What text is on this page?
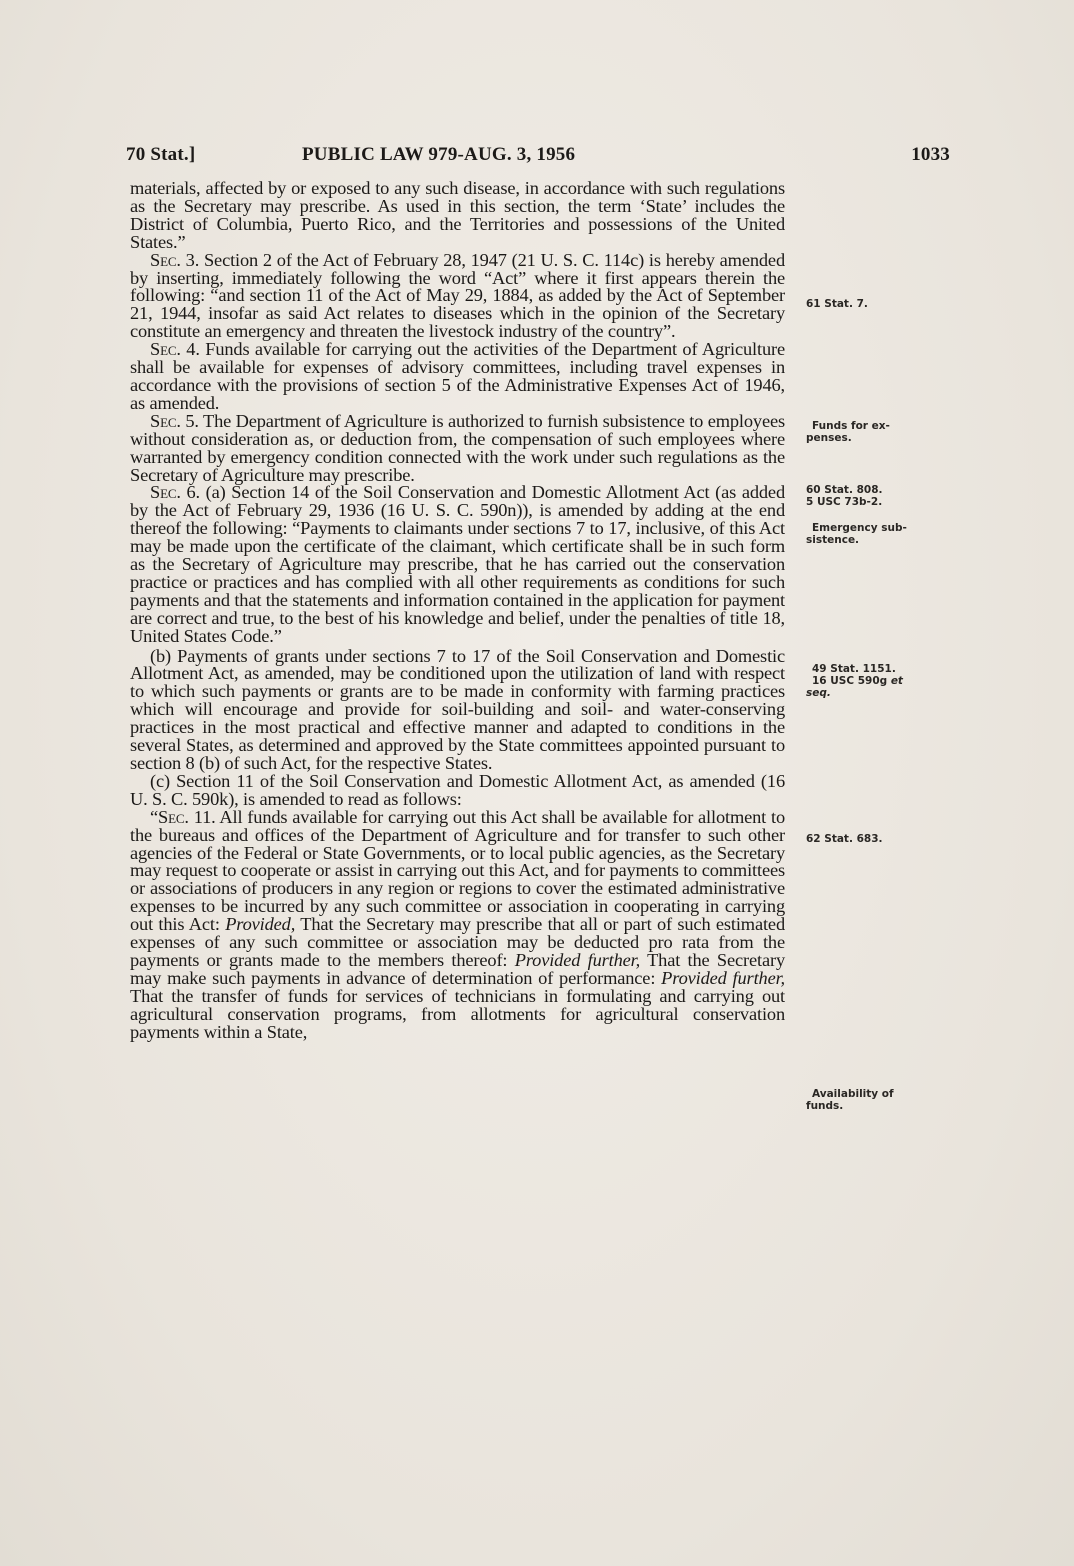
70 Stat.]	PUBLIC LAW 979-AUG. 3, 1956	1033

materials, affected by or exposed to any such disease, in accordance with such regulations as the Secretary may prescribe. As used in this section, the term ‘State’ includes the District of Columbia, Puerto Rico, and the Territories and possessions of the United States.”

Sec. 3. Section 2 of the Act of February 28, 1947 (21 U. S. C. 114c) is hereby amended by inserting, immediately following the word “Act” where it first appears therein the following: “and section 11 of the Act of May 29, 1884, as added by the Act of September 21, 1944, insofar as said Act relates to diseases which in the opinion of the Secretary constitute an emergency and threaten the livestock industry of the country”.

Sec. 4. Funds available for carrying out the activities of the Department of Agriculture shall be available for expenses of advisory committees, including travel expenses in accordance with the provisions of section 5 of the Administrative Expenses Act of 1946, as amended.

Sec. 5. The Department of Agriculture is authorized to furnish subsistence to employees without consideration as, or deduction from, the compensation of such employees where warranted by emergency condition connected with the work under such regulations as the Secretary of Agriculture may prescribe.

Sec. 6. (a) Section 14 of the Soil Conservation and Domestic Allotment Act (as added by the Act of February 29, 1936 (16 U. S. C. 590n)), is amended by adding at the end thereof the following: “Payments to claimants under sections 7 to 17, inclusive, of this Act may be made upon the certificate of the claimant, which certificate shall be in such form as the Secretary of Agriculture may prescribe, that he has carried out the conservation practice or practices and has complied with all other requirements as conditions for such payments and that the statements and information contained in the application for payment are correct and true, to the best of his knowledge and belief, under the penalties of title 18, United States Code.”

(b) Payments of grants under sections 7 to 17 of the Soil Conservation and Domestic Allotment Act, as amended, may be conditioned upon the utilization of land with respect to which such payments or grants are to be made in conformity with farming practices which will encourage and provide for soil-building and soil- and water-conserving practices in the most practical and effective manner and adapted to conditions in the several States, as determined and approved by the State committees appointed pursuant to section 8 (b) of such Act, for the respective States.

(c) Section 11 of the Soil Conservation and Domestic Allotment Act, as amended (16 U. S. C. 590k), is amended to read as follows:

“Sec. 11. All funds available for carrying out this Act shall be available for allotment to the bureaus and offices of the Department of Agriculture and for transfer to such other agencies of the Federal or State Governments, or to local public agencies, as the Secretary may request to cooperate or assist in carrying out this Act, and for payments to committees or associations of producers in any region or regions to cover the estimated administrative expenses to be incurred by any such committee or association in cooperating in carrying out this Act: Provided, That the Secretary may prescribe that all or part of such estimated expenses of any such committee or association may be deducted pro rata from the payments or grants made to the members thereof: Provided further, That the Secretary may make such payments in advance of determination of performance: Provided further, That the transfer of funds for services of technicians in formulating and carrying out agricultural conservation programs, from allotments for agricultural conservation payments within a State,

61 Stat. 7.
Funds for ex-
penses.
60 Stat. 808.
5 USC 73b-2.
Emergency sub-
sistence.
49 Stat. 1151.
16 USC 590g et
seq.
62 Stat. 683.
Availability of
funds.
